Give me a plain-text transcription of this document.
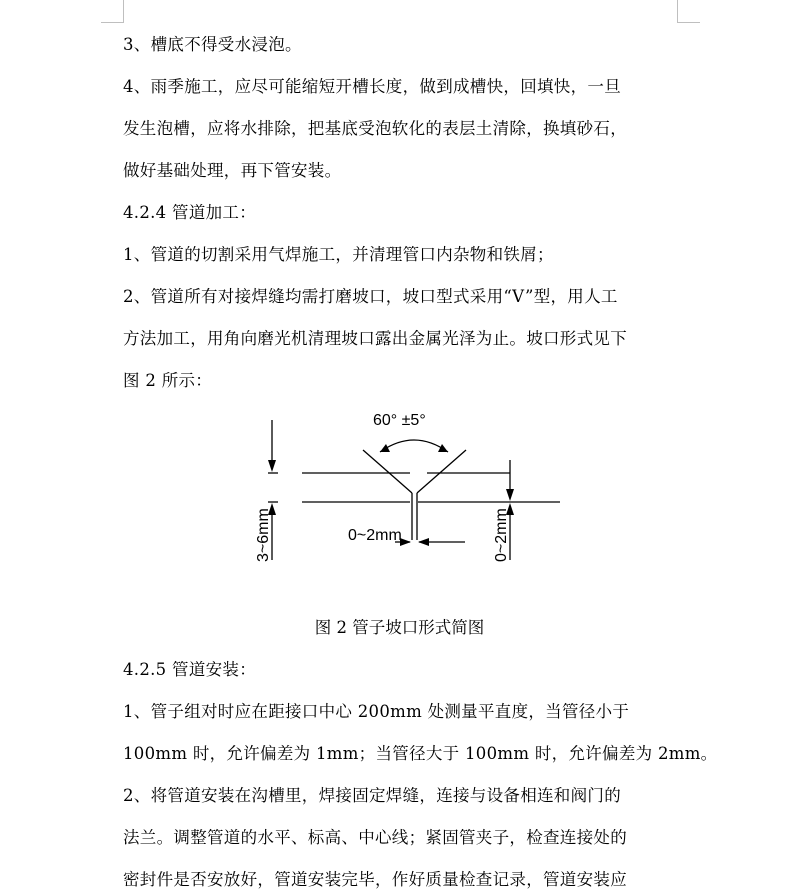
3、槽底不得受水浸泡。
4、雨季施工，应尽可能缩短开槽长度，做到成槽快，回填快，一旦
发生泡槽，应将水排除，把基底受泡软化的表层土清除，换填砂石，
做好基础处理，再下管安装。
4.2.4 管道加工：
1、管道的切割采用气焊施工，并清理管口内杂物和铁屑；
2、管道所有对接焊缝均需打磨坡口，坡口型式采用“V”型，用人工
方法加工，用角向磨光机清理坡口露出金属光泽为止。坡口形式见下
图 2 所示：
60° ±5°
0~2mm
3~6mm	0~2mm
图 2 管子坡口形式简图
4.2.5 管道安装：
1、管子组对时应在距接口中心 200mm 处测量平直度，当管径小于
100mm 时，允许偏差为 1mm；当管径大于 100mm 时，允许偏差为 2mm。
2、将管道安装在沟槽里，焊接固定焊缝，连接与设备相连和阀门的
法兰。调整管道的水平、标高、中心线；紧固管夹子，检查连接处的
密封件是否安放好，管道安装完毕，作好质量检查记录，管道安装应
